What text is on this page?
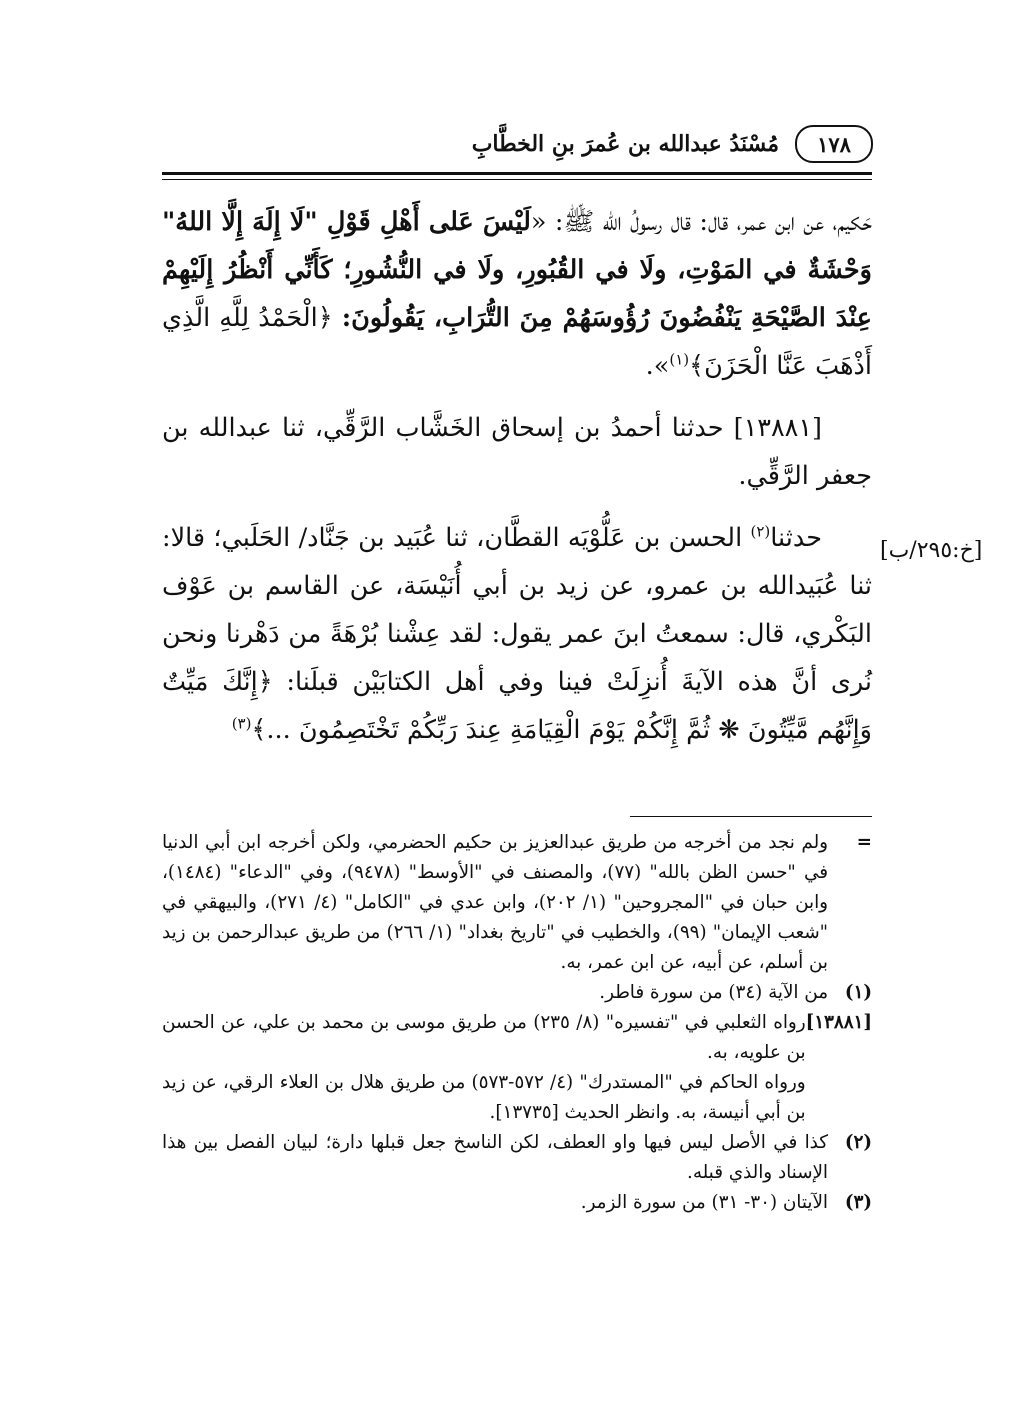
١٧٨
مُسْنَدُ عبدالله بن عُمرَ بنِ الخطَّابِ
[خ:٢٩٥/ب]

حَكيم، عن ابن عمر، قال: قال رسولُ الله ﷺ: «لَيْسَ عَلى أَهْلِ قَوْلِ "لَا إِلَهَ إِلَّا اللهُ" وَحْشَةٌ في المَوْتِ، ولَا في القُبُورِ، ولَا في النُّشُورِ؛ كَأَنِّي أَنْظُرُ إِلَيْهِمْ عِنْدَ الصَّيْحَةِ يَنْفُضُونَ رُؤُوسَهُمْ مِنَ التُّرَابِ، يَقُولُونَ: ﴿الْحَمْدُ لِلَّهِ الَّذِي أَذْهَبَ عَنَّا الْحَزَنَ﴾$^{(١)}$».

[١٣٨٨١] حدثنا أحمدُ بن إسحاق الخَشَّاب الرَّقِّي، ثنا عبدالله بن جعفر الرَّقِّي.

حدثنا$^{(٢)}$ الحسن بن عَلُّوْيَه القطَّان، ثنا عُبَيد بن جَنَّاد/ الحَلَبي؛ قالا: ثنا عُبَيدالله بن عمرو، عن زيد بن أبي أُنَيْسَة، عن القاسم بن عَوْف البَكْري، قال: سمعتُ ابنَ عمر يقول: لقد عِشْنا بُرْهَةً من دَهْرنا ونحن نُرى أنَّ هذه الآيةَ أُنزِلَتْ فينا وفي أهل الكتابَيْن قبلَنا: ﴿إِنَّكَ مَيِّتٌ وَإِنَّهُم مَّيِّتُونَ ❋ ثُمَّ إِنَّكُمْ يَوْمَ الْقِيَامَةِ عِندَ رَبِّكُمْ تَخْتَصِمُونَ ...﴾$^{(٣)}$

=
ولم نجد من أخرجه من طريق عبدالعزيز بن حكيم الحضرمي، ولكن أخرجه ابن أبي الدنيا في "حسن الظن بالله" (٧٧)، والمصنف في "الأوسط" (٩٤٧٨)، وفي "الدعاء" (١٤٨٤)، وابن حبان في "المجروحين" (١/ ٢٠٢)، وابن عدي في "الكامل" (٤/ ٢٧١)، والبيهقي في "شعب الإيمان" (٩٩)، والخطيب في "تاريخ بغداد" (١/ ٢٦٦) من طريق عبدالرحمن بن زيد بن أسلم، عن أبيه، عن ابن عمر، به.
(١)
من الآية (٣٤) من سورة فاطر.
[١٣٨٨١]
رواه الثعلبي في "تفسيره" (٨/ ٢٣٥) من طريق موسى بن محمد بن علي، عن الحسن بن علويه، به.
ورواه الحاكم في "المستدرك" (٤/ ٥٧٢-٥٧٣) من طريق هلال بن العلاء الرقي، عن زيد بن أبي أنيسة، به. وانظر الحديث [١٣٧٣٥].
(٢)
كذا في الأصل ليس فيها واو العطف، لكن الناسخ جعل قبلها دارة؛ لبيان الفصل بين هذا الإسناد والذي قبله.
(٣)
الآيتان (٣٠- ٣١) من سورة الزمر.
